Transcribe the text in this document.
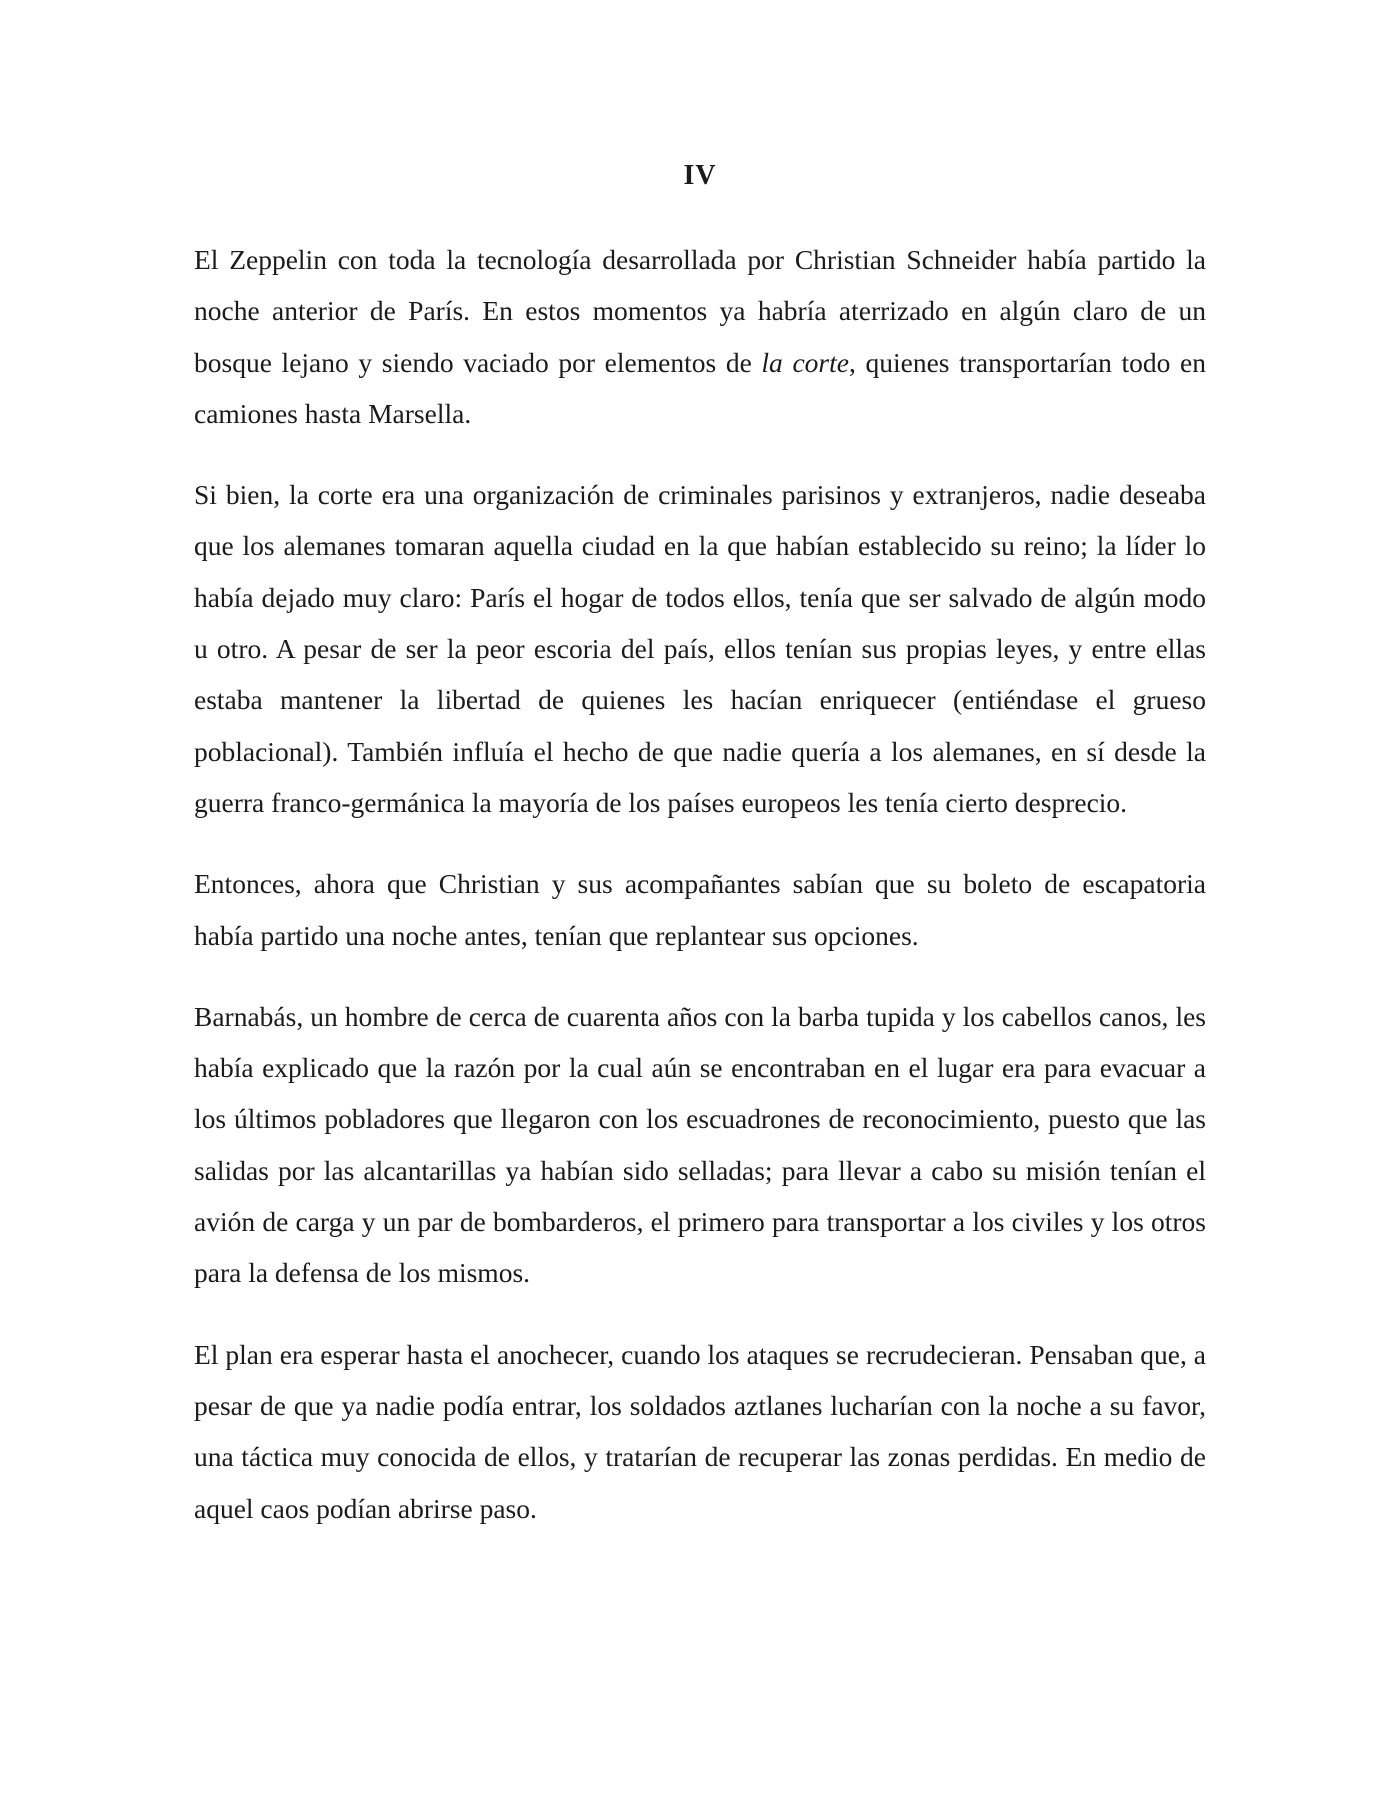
IV

El Zeppelin con toda la tecnología desarrollada por Christian Schneider había partido la noche anterior de París. En estos momentos ya habría aterrizado en algún claro de un bosque lejano y siendo vaciado por elementos de la corte, quienes transportarían todo en camiones hasta Marsella.

Si bien, la corte era una organización de criminales parisinos y extranjeros, nadie deseaba que los alemanes tomaran aquella ciudad en la que habían establecido su reino; la líder lo había dejado muy claro: París el hogar de todos ellos, tenía que ser salvado de algún modo u otro. A pesar de ser la peor escoria del país, ellos tenían sus propias leyes, y entre ellas estaba mantener la libertad de quienes les hacían enriquecer (entiéndase el grueso poblacional). También influía el hecho de que nadie quería a los alemanes, en sí desde la guerra franco-germánica la mayoría de los países europeos les tenía cierto desprecio.

Entonces, ahora que Christian y sus acompañantes sabían que su boleto de escapatoria había partido una noche antes, tenían que replantear sus opciones.

Barnabás, un hombre de cerca de cuarenta años con la barba tupida y los cabellos canos, les había explicado que la razón por la cual aún se encontraban en el lugar era para evacuar a los últimos pobladores que llegaron con los escuadrones de reconocimiento, puesto que las salidas por las alcantarillas ya habían sido selladas; para llevar a cabo su misión tenían el avión de carga y un par de bombarderos, el primero para transportar a los civiles y los otros para la defensa de los mismos.

El plan era esperar hasta el anochecer, cuando los ataques se recrudecieran. Pensaban que, a pesar de que ya nadie podía entrar, los soldados aztlanes lucharían con la noche a su favor, una táctica muy conocida de ellos, y tratarían de recuperar las zonas perdidas. En medio de aquel caos podían abrirse paso.
